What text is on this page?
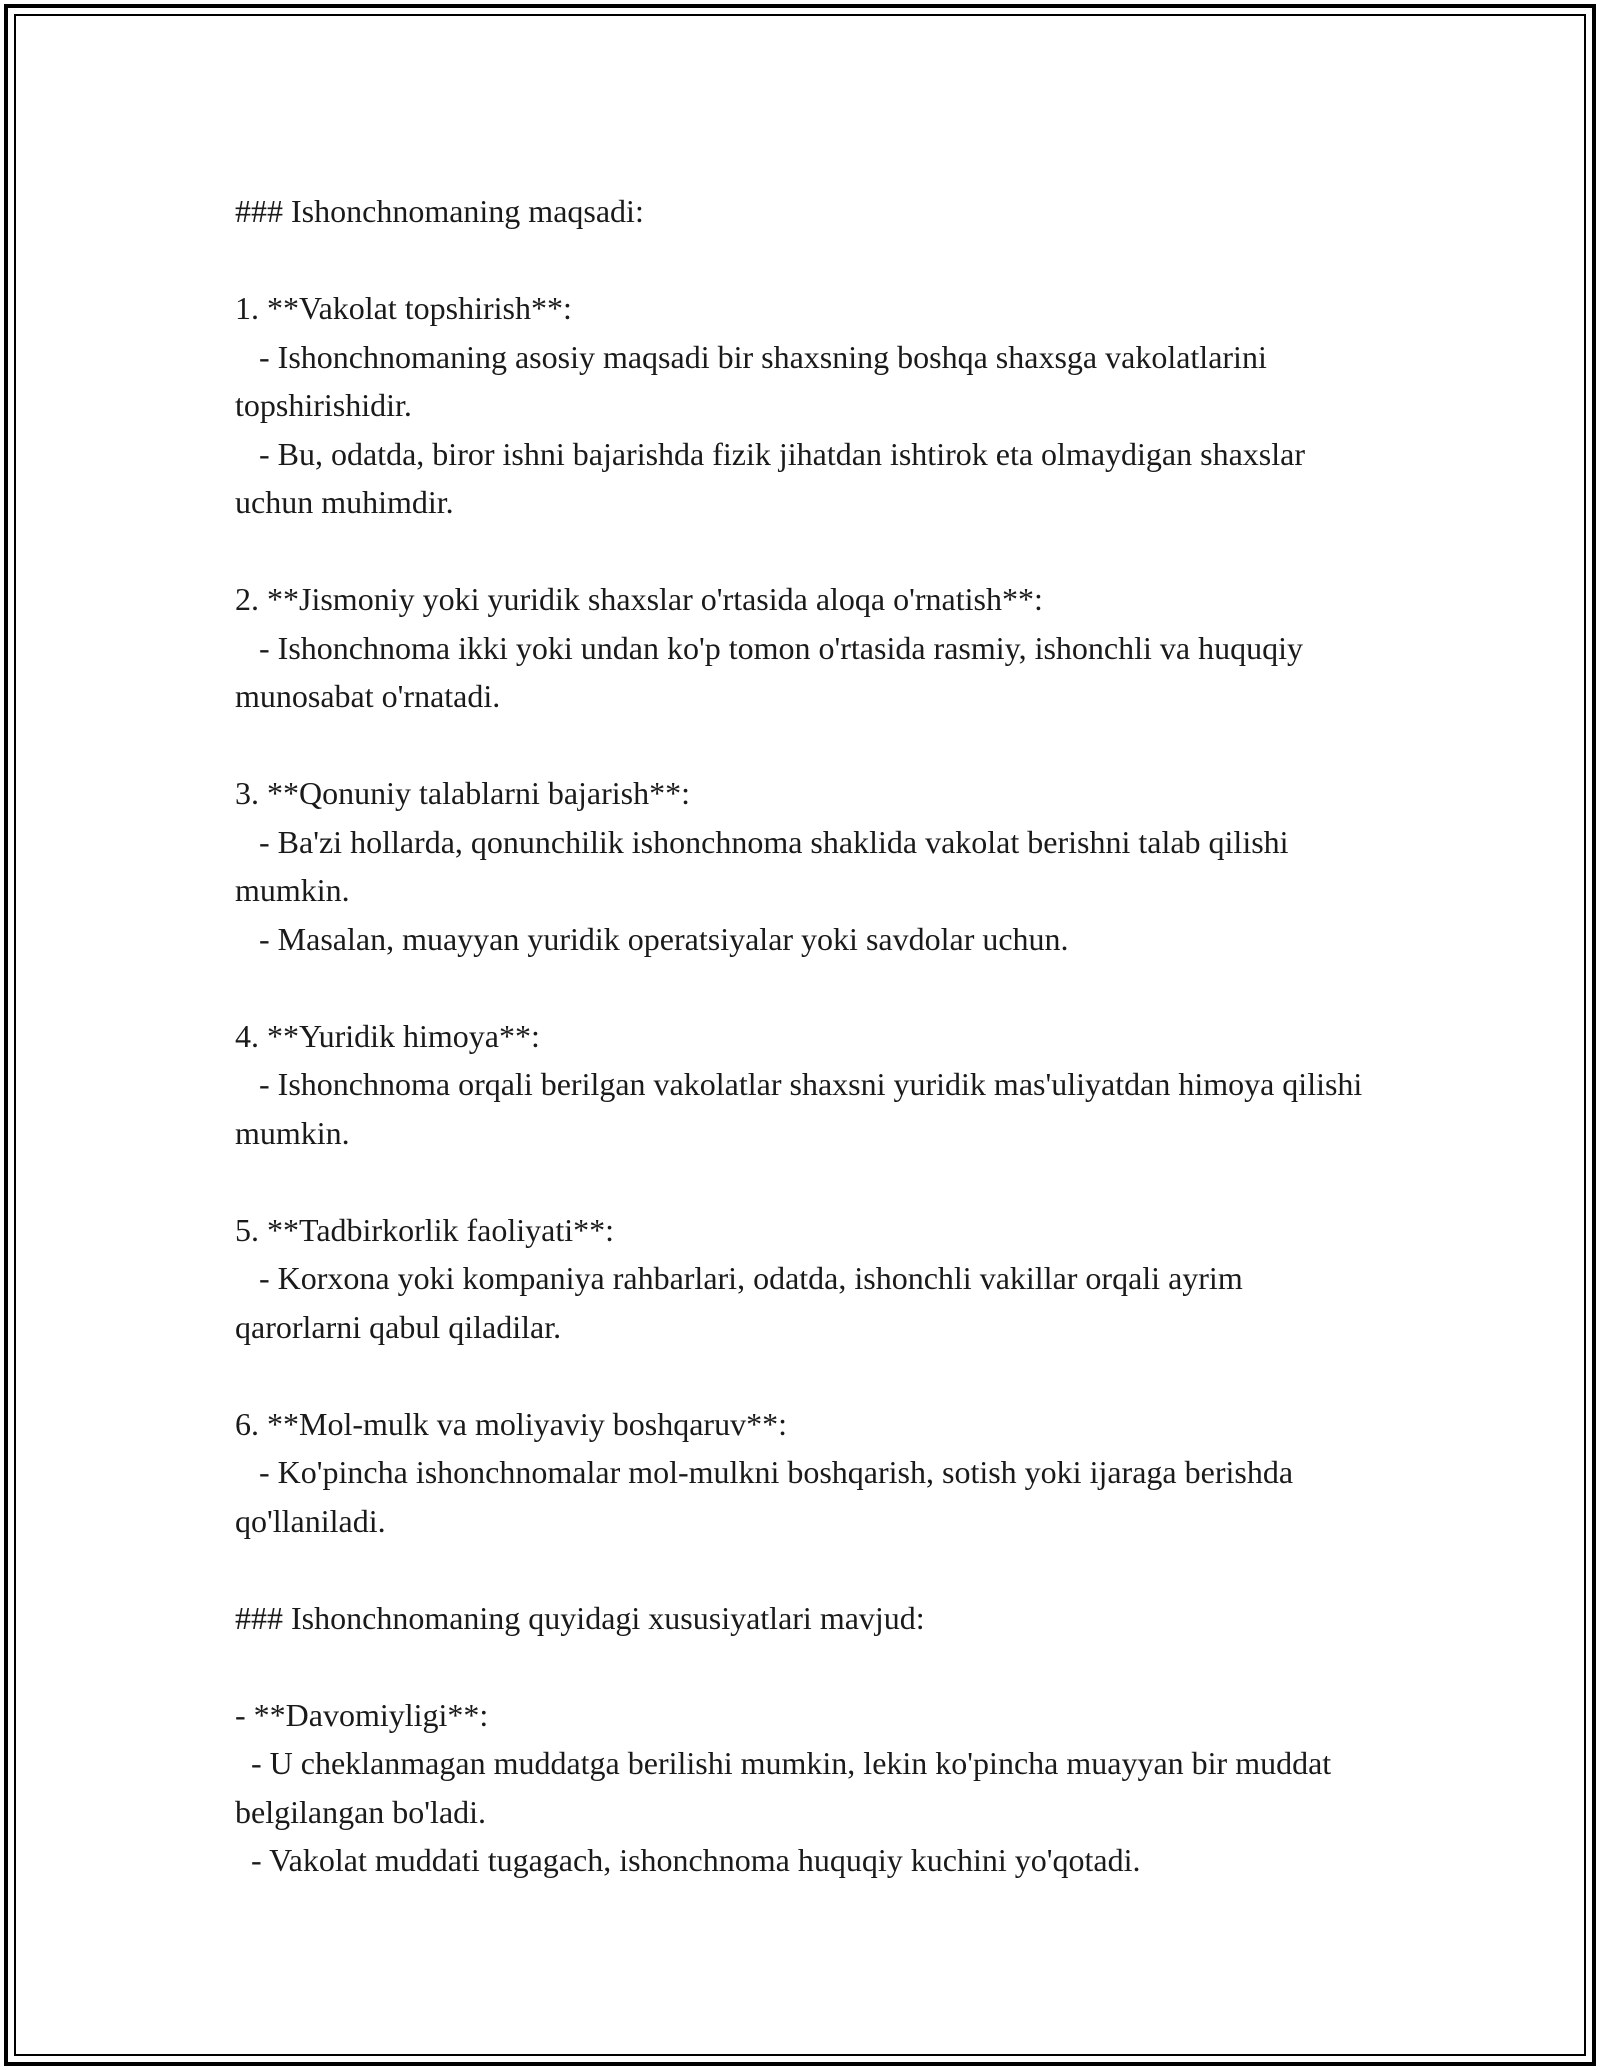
### Ishonchnomaning maqsadi:

1. **Vakolat topshirish**:

- Ishonchnomaning asosiy maqsadi bir shaxsning boshqa shaxsga vakolatlarini topshirishidir.

- Bu, odatda, biror ishni bajarishda fizik jihatdan ishtirok eta olmaydigan shaxslar uchun muhimdir.

2. **Jismoniy yoki yuridik shaxslar o'rtasida aloqa o'rnatish**:

- Ishonchnoma ikki yoki undan ko'p tomon o'rtasida rasmiy, ishonchli va huquqiy munosabat o'rnatadi.

3. **Qonuniy talablarni bajarish**:

- Ba'zi hollarda, qonunchilik ishonchnoma shaklida vakolat berishni talab qilishi mumkin.

- Masalan, muayyan yuridik operatsiyalar yoki savdolar uchun.

4. **Yuridik himoya**:

- Ishonchnoma orqali berilgan vakolatlar shaxsni yuridik mas'uliyatdan himoya qilishi mumkin.

5. **Tadbirkorlik faoliyati**:

- Korxona yoki kompaniya rahbarlari, odatda, ishonchli vakillar orqali ayrim qarorlarni qabul qiladilar.

6. **Mol-mulk va moliyaviy boshqaruv**:

- Ko'pincha ishonchnomalar mol-mulkni boshqarish, sotish yoki ijaraga berishda qo'llaniladi.

### Ishonchnomaning quyidagi xususiyatlari mavjud:

- **Davomiyligi**:

- U cheklanmagan muddatga berilishi mumkin, lekin ko'pincha muayyan bir muddat belgilangan bo'ladi.

- Vakolat muddati tugagach, ishonchnoma huquqiy kuchini yo'qotadi.
